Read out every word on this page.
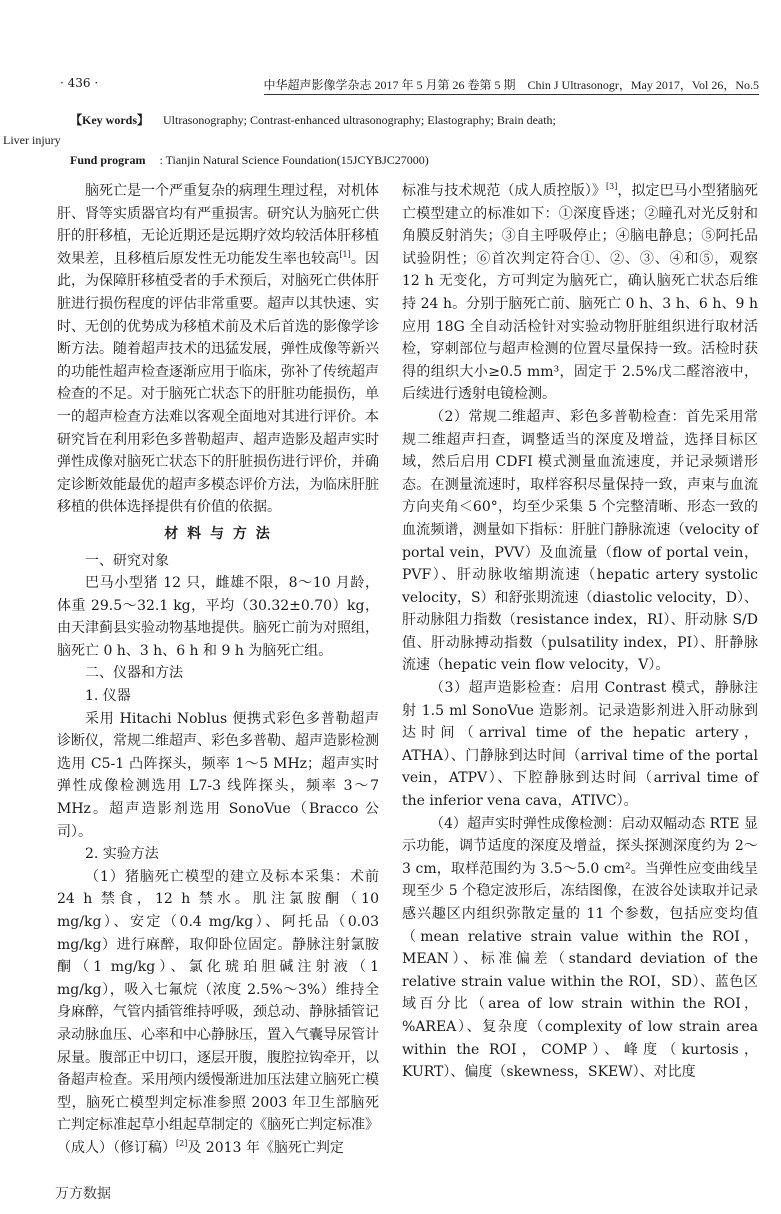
· 436 ·	中华超声影像学杂志 2017 年 5 月第 26 卷第 5 期　Chin J Ultrasonogr，May 2017，Vol 26，No.5
【Key words】 Ultrasonography; Contrast-enhanced ultrasonography; Elastography; Brain death;
Liver injury
Fund program : Tianjin Natural Science Foundation(15JCYBJC27000)

脑死亡是一个严重复杂的病理生理过程，对机体肝、肾等实质器官均有严重损害。研究认为脑死亡供肝的肝移植，无论近期还是远期疗效均较活体肝移植效果差，且移植后原发性无功能发生率也较高[1]。因此，为保障肝移植受者的手术预后，对脑死亡供体肝脏进行损伤程度的评估非常重要。超声以其快速、实时、无创的优势成为移植术前及术后首选的影像学诊断方法。随着超声技术的迅猛发展，弹性成像等新兴的功能性超声检查逐渐应用于临床，弥补了传统超声检查的不足。对于脑死亡状态下的肝脏功能损伤，单一的超声检查方法难以客观全面地对其进行评价。本研究旨在利用彩色多普勒超声、超声造影及超声实时弹性成像对脑死亡状态下的肝脏损伤进行评价，并确定诊断效能最优的超声多模态评价方法，为临床肝脏移植的供体选择提供有价值的依据。

材 料 与 方 法

一、研究对象

巴马小型猪 12 只，雌雄不限，8～10 月龄，体重 29.5～32.1 kg，平均（30.32±0.70）kg，由天津蓟县实验动物基地提供。脑死亡前为对照组，脑死亡 0 h、3 h、6 h 和 9 h 为脑死亡组。

二、仪器和方法

1. 仪器

采用 Hitachi Noblus 便携式彩色多普勒超声诊断仪，常规二维超声、彩色多普勒、超声造影检测选用 C5-1 凸阵探头，频率 1～5 MHz；超声实时弹性成像检测选用 L7-3 线阵探头，频率 3～7 MHz。超声造影剂选用 SonoVue（Bracco 公司）。

2. 实验方法

（1）猪脑死亡模型的建立及标本采集：术前 24 h 禁食，12 h 禁水。肌注氯胺酮（10 mg/kg）、安定（0.4 mg/kg）、阿托品（0.03 mg/kg）进行麻醉，取仰卧位固定。静脉注射氯胺酮（1 mg/kg）、氯化琥珀胆碱注射液（1 mg/kg），吸入七氟烷（浓度 2.5%～3%）维持全身麻醉，气管内插管维持呼吸，颈总动、静脉插管记录动脉血压、心率和中心静脉压，置入气囊导尿管计尿量。腹部正中切口，逐层开腹，腹腔拉钩牵开，以备超声检查。采用颅内缓慢渐进加压法建立脑死亡模型，脑死亡模型判定标准参照 2003 年卫生部脑死亡判定标准起草小组起草制定的《脑死亡判定标准》（成人）（修订稿）[2]及 2013 年《脑死亡判定

万方数据

标准与技术规范（成人质控版）》[3]，拟定巴马小型猪脑死亡模型建立的标准如下：①深度昏迷；②瞳孔对光反射和角膜反射消失；③自主呼吸停止；④脑电静息；⑤阿托品试验阴性；⑥首次判定符合①、②、③、④和⑤，观察 12 h 无变化，方可判定为脑死亡，确认脑死亡状态后维持 24 h。分别于脑死亡前、脑死亡 0 h、3 h、6 h、9 h 应用 18G 全自动活检针对实验动物肝脏组织进行取材活检，穿刺部位与超声检测的位置尽量保持一致。活检时获得的组织大小≥0.5 mm³，固定于 2.5%戊二醛溶液中，后续进行透射电镜检测。

（2）常规二维超声、彩色多普勒检查：首先采用常规二维超声扫查，调整适当的深度及增益，选择目标区域，然后启用 CDFI 模式测量血流速度，并记录频谱形态。在测量流速时，取样容积尽量保持一致，声束与血流方向夹角＜60°，均至少采集 5 个完整清晰、形态一致的血流频谱，测量如下指标：肝脏门静脉流速（velocity of portal vein，PVV）及血流量（flow of portal vein，PVF）、肝动脉收缩期流速（hepatic artery systolic velocity，S）和舒张期流速（diastolic velocity，D）、肝动脉阻力指数（resistance index，RI）、肝动脉 S/D 值、肝动脉搏动指数（pulsatility index，PI）、肝静脉流速（hepatic vein flow velocity，V）。

（3）超声造影检查：启用 Contrast 模式，静脉注射 1.5 ml SonoVue 造影剂。记录造影剂进入肝动脉到达时间（arrival time of the hepatic artery，ATHA）、门静脉到达时间（arrival time of the portal vein，ATPV）、下腔静脉到达时间（arrival time of the inferior vena cava，ATIVC）。

（4）超声实时弹性成像检测：启动双幅动态 RTE 显示功能，调节适度的深度及增益，探头探测深度约为 2～3 cm，取样范围约为 3.5～5.0 cm²。当弹性应变曲线呈现至少 5 个稳定波形后，冻结图像，在波谷处读取并记录感兴趣区内组织弥散定量的 11 个参数，包括应变均值（mean relative strain value within the ROI，MEAN）、标准偏差（standard deviation of the relative strain value within the ROI，SD）、蓝色区域百分比（area of low strain within the ROI，%AREA）、复杂度（complexity of low strain area within the ROI，COMP）、峰度（kurtosis，KURT）、偏度（skewness，SKEW）、对比度
